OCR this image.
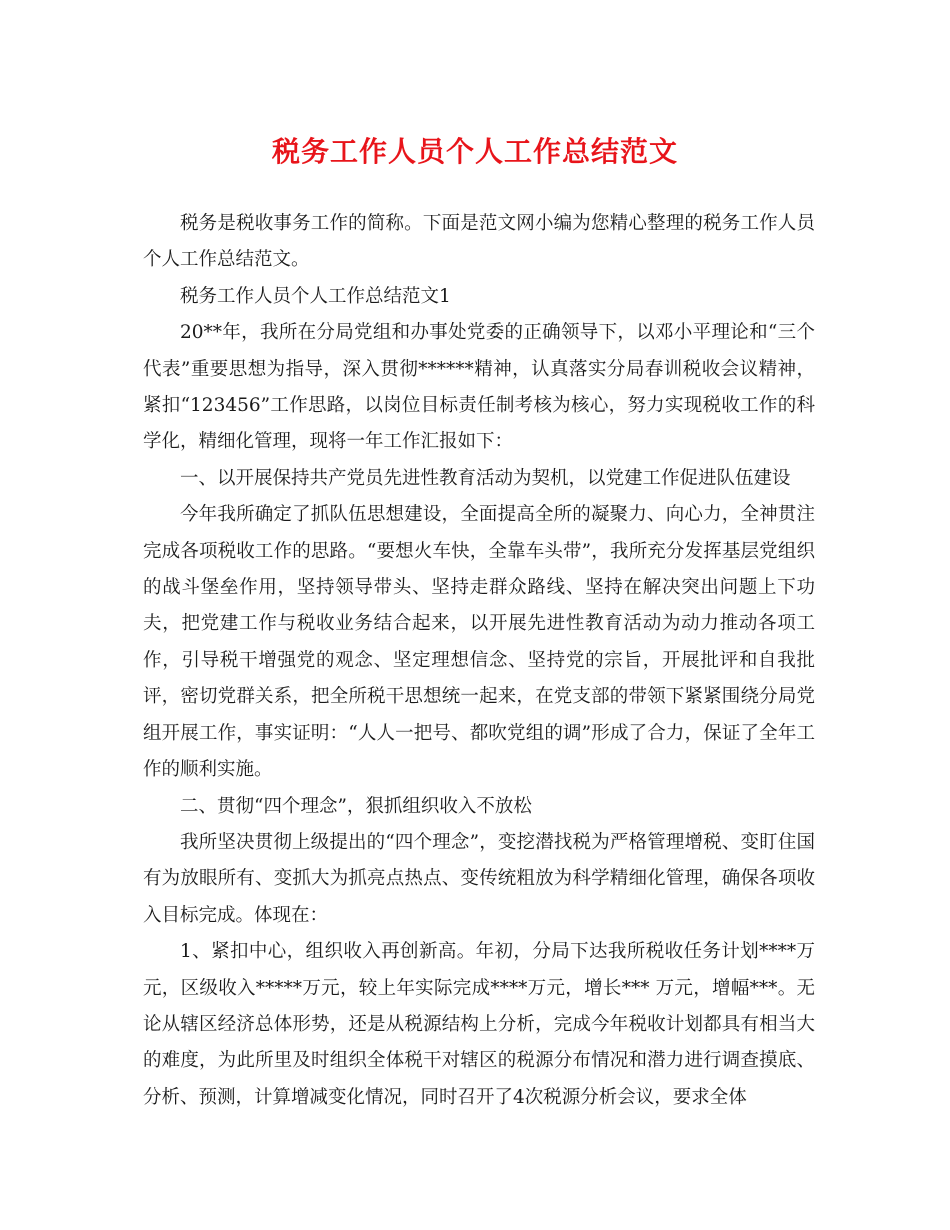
税务工作人员个人工作总结范文

税务是税收事务工作的简称。下面是范文网小编为您精心整理的税务工作人员个人工作总结范文。

税务工作人员个人工作总结范文1

20**年，我所在分局党组和办事处党委的正确领导下，以邓小平理论和“三个代表”重要思想为指导，深入贯彻******精神，认真落实分局春训税收会议精神，紧扣“123456”工作思路，以岗位目标责任制考核为核心，努力实现税收工作的科学化，精细化管理，现将一年工作汇报如下：

一、以开展保持共产党员先进性教育活动为契机，以党建工作促进队伍建设

今年我所确定了抓队伍思想建设，全面提高全所的凝聚力、向心力，全神贯注完成各项税收工作的思路。“要想火车快，全靠车头带”，我所充分发挥基层党组织的战斗堡垒作用，坚持领导带头、坚持走群众路线、坚持在解决突出问题上下功夫，把党建工作与税收业务结合起来，以开展先进性教育活动为动力推动各项工作，引导税干增强党的观念、坚定理想信念、坚持党的宗旨，开展批评和自我批评，密切党群关系，把全所税干思想统一起来，在党支部的带领下紧紧围绕分局党组开展工作，事实证明：“人人一把号、都吹党组的调”形成了合力，保证了全年工作的顺利实施。

二、贯彻“四个理念”，狠抓组织收入不放松

我所坚决贯彻上级提出的“四个理念”，变挖潜找税为严格管理增税、变盯住国有为放眼所有、变抓大为抓亮点热点、变传统粗放为科学精细化管理，确保各项收入目标完成。体现在：

1、紧扣中心，组织收入再创新高。年初，分局下达我所税收任务计划****万元，区级收入*****万元，较上年实际完成****万元，增长*** 万元，增幅***。无论从辖区经济总体形势，还是从税源结构上分析，完成今年税收计划都具有相当大的难度，为此所里及时组织全体税干对辖区的税源分布情况和潜力进行调查摸底、分析、预测，计算增减变化情况，同时召开了4次税源分析会议，要求全体
